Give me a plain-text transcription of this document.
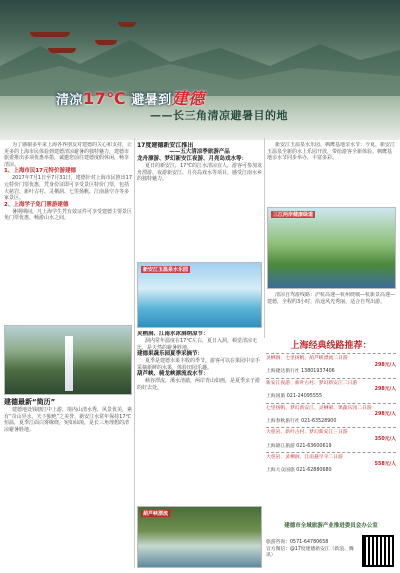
清凉17℃ 避暑到建德
——长三角清凉避暑目的地

为了感谢多年来上海各界朋友对建德的关心和支持，让更多的上海市民体验到建德清凉避暑的独特魅力，建德市旅委推出多项优惠举措，诚邀您前往建德度假休闲，畅享清凉。

1、上海市民17元特价游建德

2017年7月1日至7月31日，建德针对上海市民推出17元特价门票优惠，凭身份证即可享受景区特价门票，包括大慈岩、新叶古村、灵栖洞、七里扬帆、江南悬空寺等多家景区。

2、上海学子免门票游建德

暑期期间，凡上海学生凭有效证件可享受建德主要景区免门票优惠，畅游山水之间。

建德最新“简历”

建德地处钱塘江中上游，境内山清水秀，风景优美，素有“奇山异水，天下独绝”之美誉。新安江水常年保持17℃恒温，夏季江面白雾缭绕，宛如仙境，是长三角理想的清凉避暑胜地。

17度建德新安江推出

——五大清凉季旅游产品

龙舟漂游、梦幻新安江夜游、月亮岛戏水等：

夏日的新安江，17℃的江水清凉宜人，游客可参加龙舟漂游、夜游新安江、月亮岛戏水等项目，感受江南水乡的独特魅力。

新安江玉温泉水乐园

灵栖洞、江南水冰洞纳凉节：

洞内常年温度在17℃左右，夏日入洞，顿觉清凉无比，是天然的避暑胜地。

建德果蔬乐园夏季采摘节：

夏季是建德水果丰收的季节，游客可以在果园中亲手采摘新鲜的水果，体验田园乐趣。

葫芦峡、骑龙峡漂流戏水节：

峡谷漂流，溪水清澈，两岸青山如画，是夏季亲子游的好去处。

葫芦峡漂流

新安江玉温泉水乐园、枫鹰基地亲水节：今夏，新安江玉温泉全新的水上乐园开放，带给游客全新体验。枫鹰基地亲水节同步举办，丰富多彩。

三江两岸健康绿道

清凉自驾游线路：沪杭高速—杭州绕城—杭新景高速—建德，全程约3小时，沿途风光秀丽，适合自驾出游。

上海经典线路推荐：
灵栖洞、七里扬帆、葫芦峡漂流二日游
298元/人
上海捷达旅行社 13801937406
新安江夜游、新叶古村、梦幻新安江二日游
298元/人
上海国旅 021-24095555
七里扬帆、梦幻新安江、灵栖洞、果蔬乐园二日游
298元/人
上海春秋旅行社 021-63528900
大慈岩、新叶古村、梦幻新安江三日游
350元/人
上海锦江旅游 021-63600619
大慈岩、灵栖洞、江南悬空寺二日游
558元/人
上海大众国旅 021-62880680
建德市全域旅游产业推进委员会办公室
旅游咨询：0571-64780658
官方微信：@17度建德新安江（新浪、腾讯）
